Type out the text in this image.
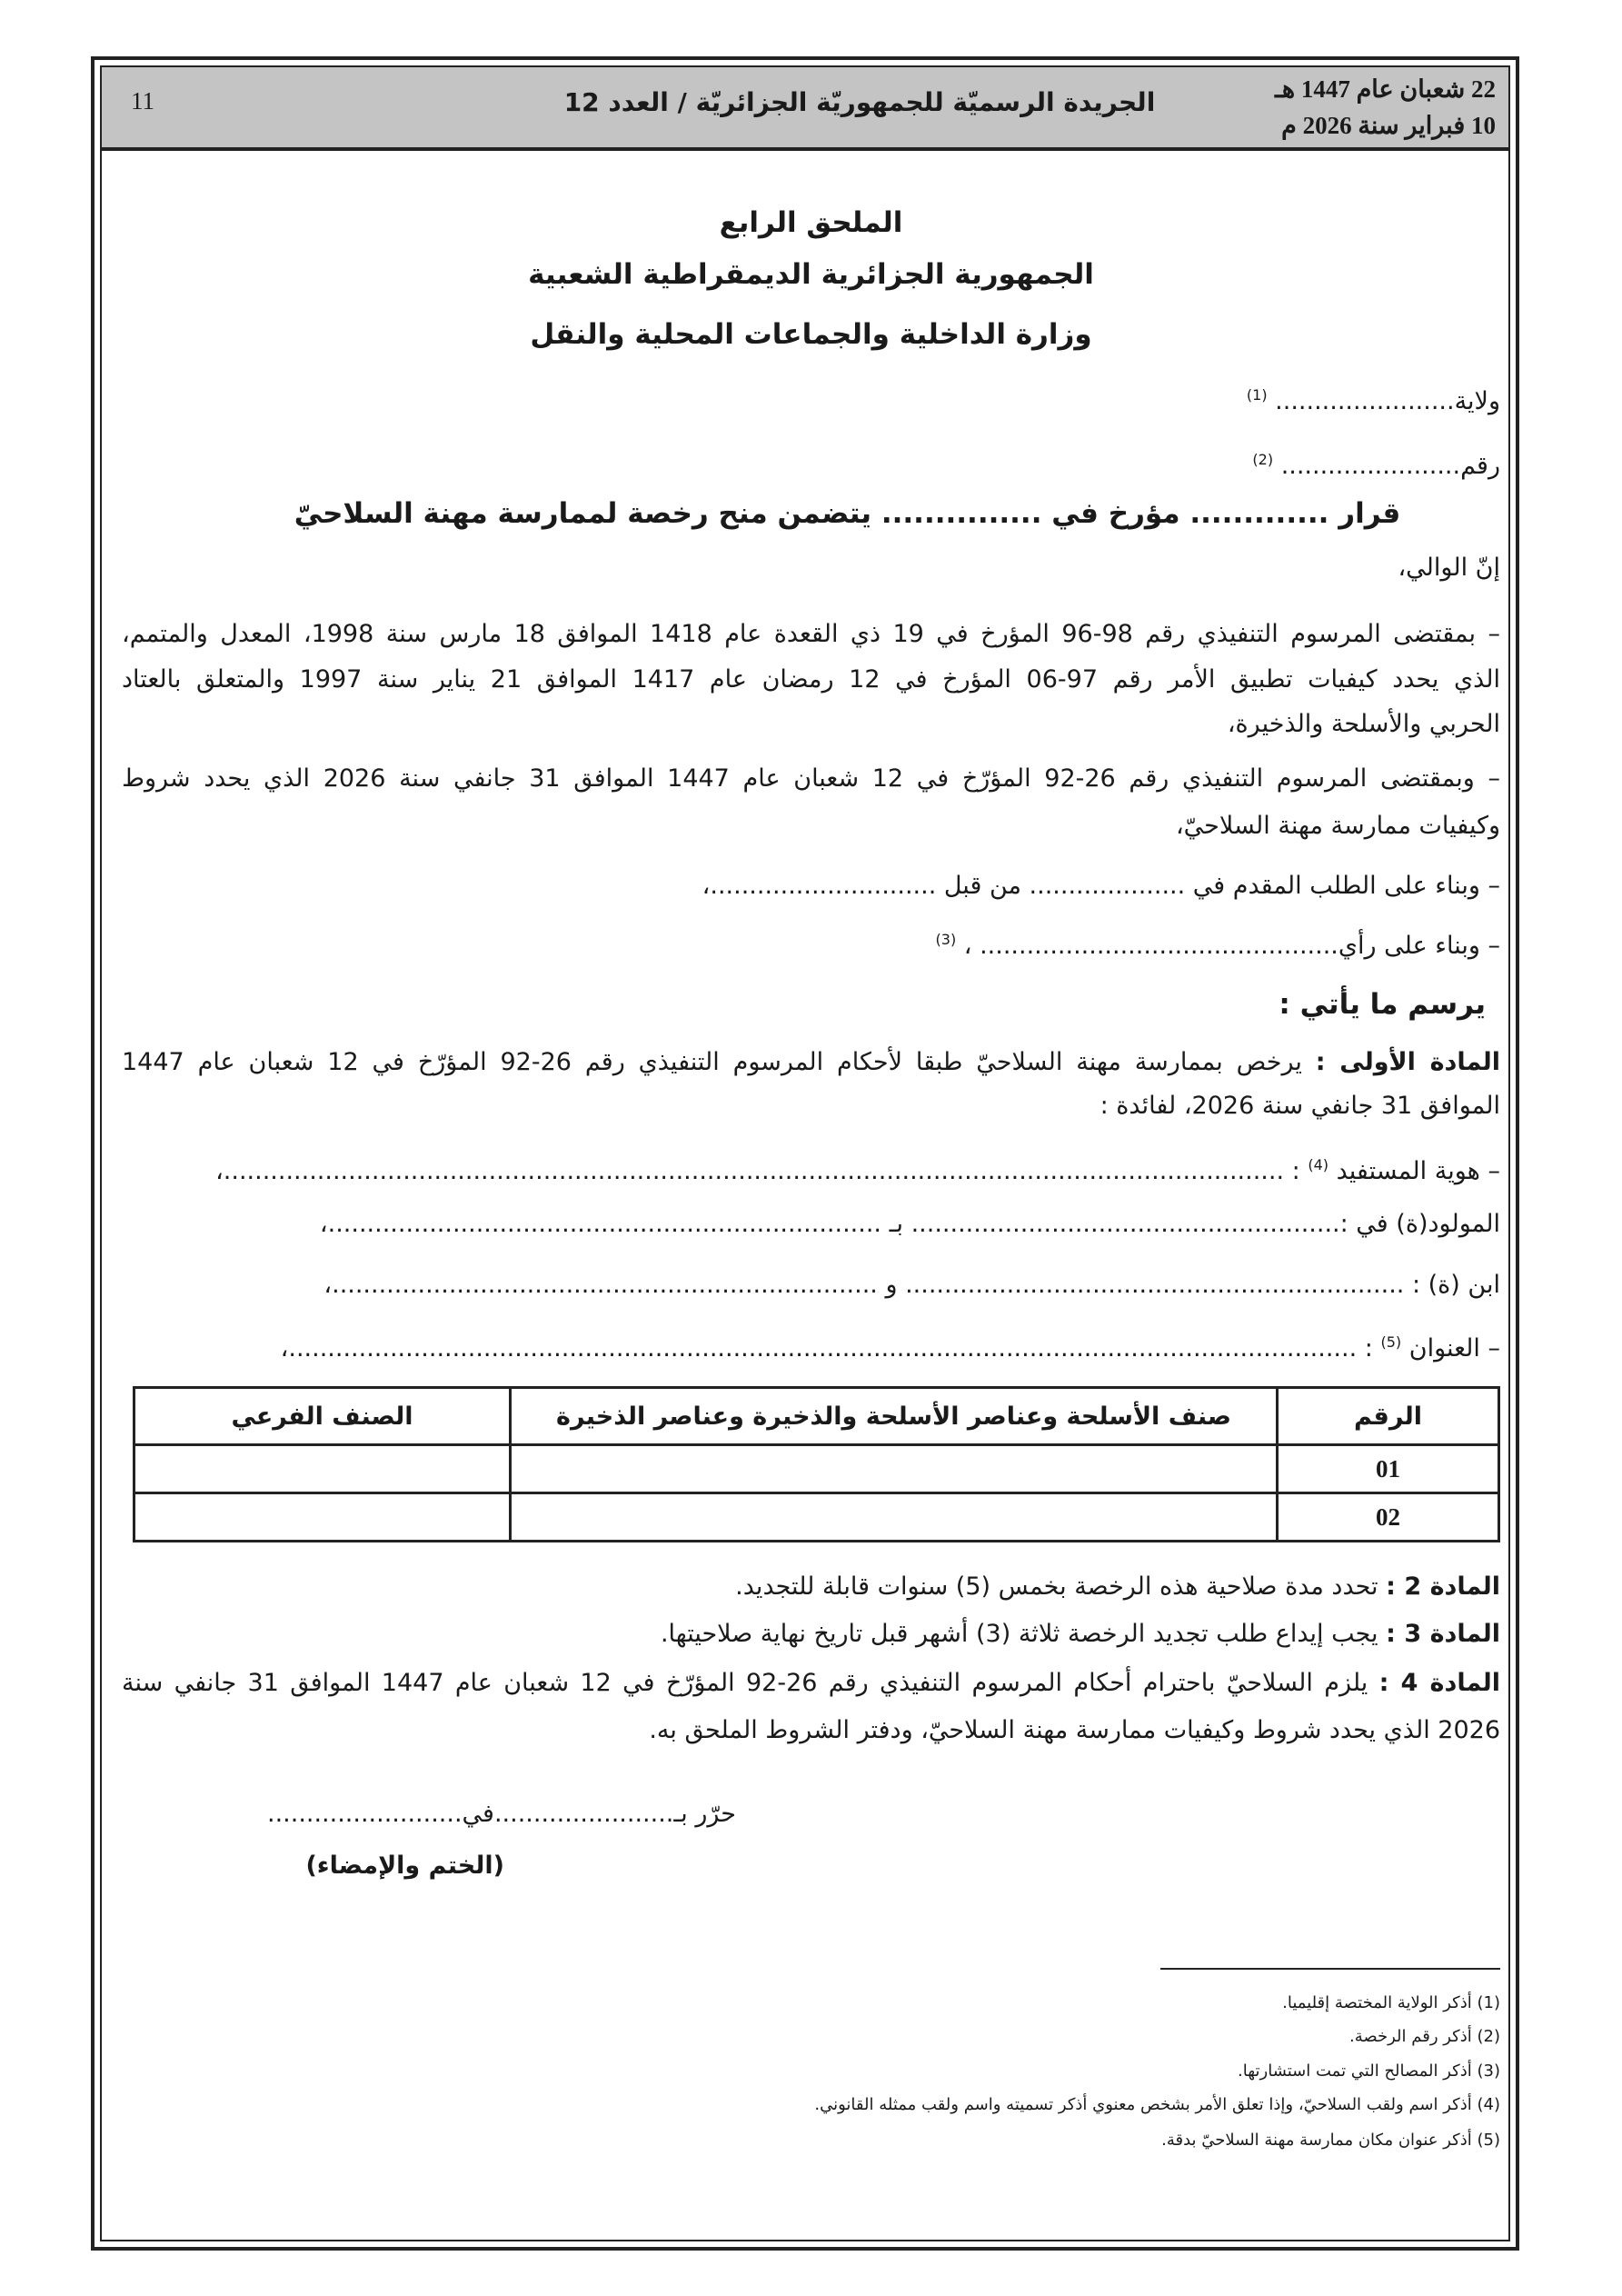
22 شعبان عام 1447 هـ
10 فبراير سنة 2026 م
الجريدة الرسميّة للجمهوريّة الجزائريّة / العدد 12
11
الملحق الرابع
الجمهورية الجزائرية الديمقراطية الشعبية
وزارة الداخلية والجماعات المحلية والنقل
ولاية....................... $^{(1)}$
رقم....................... $^{(2)}$
قرار ............. مؤرخ في ............... يتضمن منح رخصة لممارسة مهنة السلاحيّ
إنّ الوالي،
– بمقتضى المرسوم التنفيذي رقم 98-96 المؤرخ في 19 ذي القعدة عام 1418 الموافق 18 مارس سنة 1998، المعدل والمتمم،
الذي يحدد كيفيات تطبيق الأمر رقم 97-06 المؤرخ في 12 رمضان عام 1417 الموافق 21 يناير سنة 1997 والمتعلق بالعتاد
الحربي والأسلحة والذخيرة،
– وبمقتضى المرسوم التنفيذي رقم 26-92 المؤرّخ في 12 شعبان عام 1447 الموافق 31 جانفي سنة 2026 الذي يحدد شروط
وكيفيات ممارسة مهنة السلاحيّ،
– وبناء على الطلب المقدم في .................... من قبل .............................،
– وبناء على رأي.............................................. ، $^{(3)}$
يرسم ما يأتي :
المادة الأولى : يرخص بممارسة مهنة السلاحيّ طبقا لأحكام المرسوم التنفيذي رقم 26-92 المؤرّخ في 12 شعبان عام 1447
الموافق 31 جانفي سنة 2026، لفائدة :
– هوية المستفيد $^{(4)}$ : ........................................................................................................................................،
المولود(ة) في :....................................................... بـ .......................................................................،
ابن (ة) : ................................................................ و ......................................................................،
– العنوان $^{(5)}$ : .........................................................................................................................................،
الرقم	صنف الأسلحة وعناصر الأسلحة والذخيرة وعناصر الذخيرة	الصنف الفرعي
01		
02		
المادة 2 : تحدد مدة صلاحية هذه الرخصة بخمس (5) سنوات قابلة للتجديد.
المادة 3 : يجب إيداع طلب تجديد الرخصة ثلاثة (3) أشهر قبل تاريخ نهاية صلاحيتها.
المادة 4 : يلزم السلاحيّ باحترام أحكام المرسوم التنفيذي رقم 26-92 المؤرّخ في 12 شعبان عام 1447 الموافق 31 جانفي سنة
2026 الذي يحدد شروط وكيفيات ممارسة مهنة السلاحيّ، ودفتر الشروط الملحق به.
حرّر بـ.......................في.........................
(الختم والإمضاء)
(1) أذكر الولاية المختصة إقليميا.
(2) أذكر رقم الرخصة.
(3) أذكر المصالح التي تمت استشارتها.
(4) أذكر اسم ولقب السلاحيّ، وإذا تعلق الأمر بشخص معنوي أذكر تسميته واسم ولقب ممثله القانوني.
(5) أذكر عنوان مكان ممارسة مهنة السلاحيّ بدقة.
